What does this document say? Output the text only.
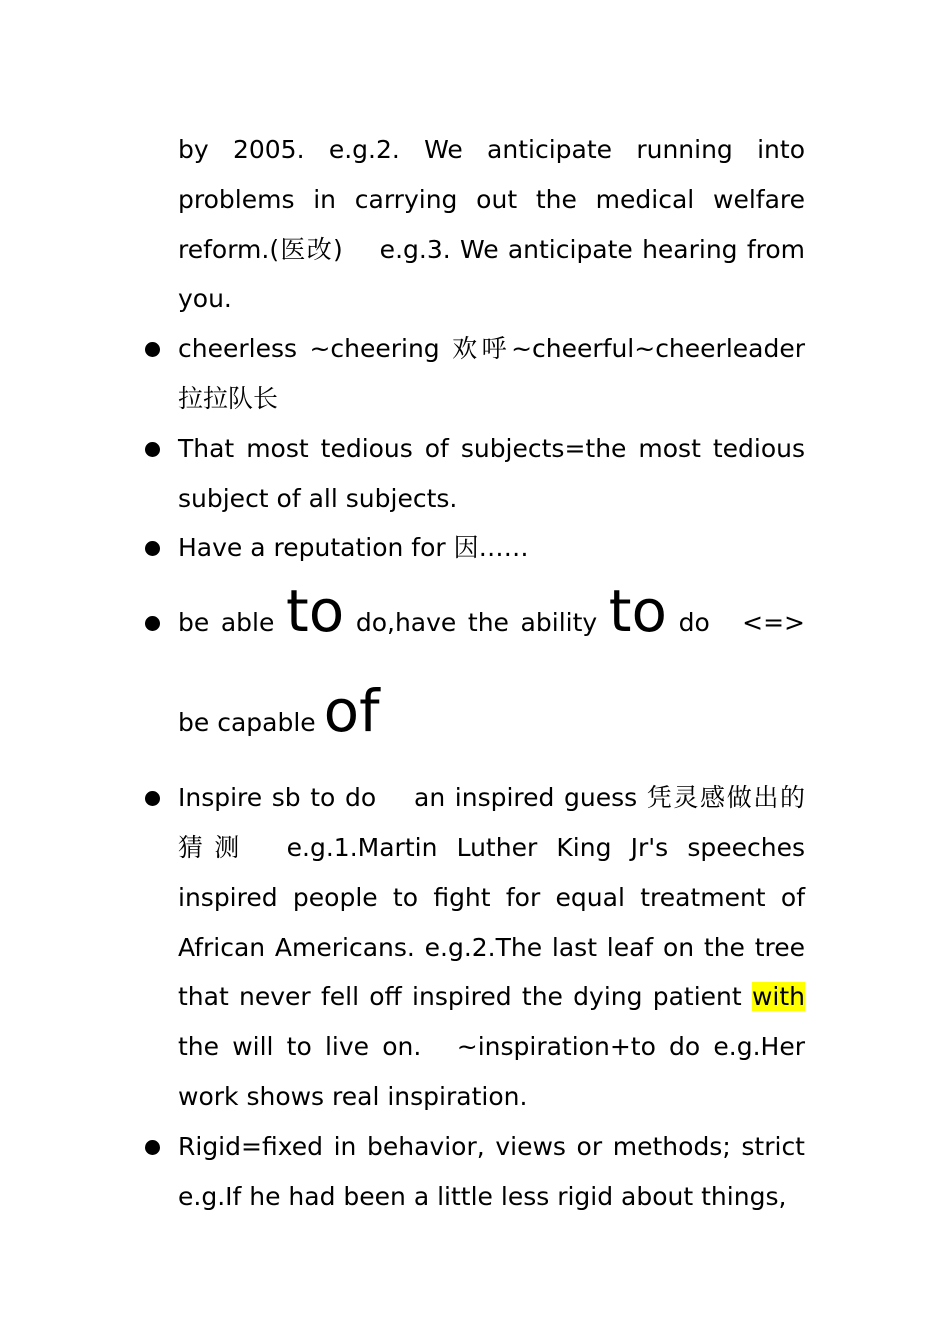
by 2005. e.g.2. We anticipate running into problems in carrying out the medical welfare reform.(医改)　 e.g.3. We anticipate hearing from you.

cheerless ~cheering 欢呼~cheerful~cheerleader 拉拉队长

That most tedious of subjects=the most tedious subject of all subjects.

Have a reputation for 因……

be able to do,have the ability to do　<=> be capable of

Inspire sb to do　 an inspired guess 凭灵感做出的猜测　e.g.1.Martin Luther King Jr's speeches inspired people to fight for equal treatment of African Americans. e.g.2.The last leaf on the tree that never fell off inspired the dying patient with the will to live on.　~inspiration+to do e.g.Her work shows real inspiration.

Rigid=fixed in behavior, views or methods; strict e.g.If he had been a little less rigid about things,
